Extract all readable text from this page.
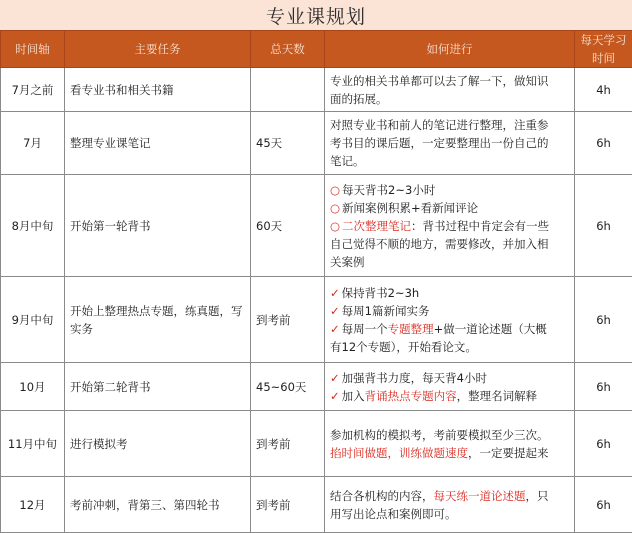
专业课规划
时间轴	主要任务	总天数	如何进行	每天学习时间
7月之前	看专业书和相关书籍		专业的相关书单都可以去了解一下，做知识
面的拓展。	4h
7月	整理专业课笔记	45天	对照专业书和前人的笔记进行整理，注重参
考书目的课后题，一定要整理出一份自己的
笔记。	6h
8月中旬	开始第一轮背书	60天	○ 每天背书2~3小时
○ 新闻案例积累+看新闻评论
○ 二次整理笔记：背书过程中肯定会有一些
自己觉得不顺的地方，需要修改，并加入相
关案例	6h
9月中旬	开始上整理热点专题，练真题，写实务	到考前	✓ 保持背书2~3h
✓ 每周1篇新闻实务
✓ 每周一个专题整理+做一道论述题（大概
有12个专题），开始看论文。	6h
10月	开始第二轮背书	45~60天	✓ 加强背书力度，每天背4小时
✓ 加入背诵热点专题内容，整理名词解释	6h
11月中旬	进行模拟考	到考前	参加机构的模拟考，考前要模拟至少三次。
掐时间做题，训练做题速度，一定要提起来	6h
12月	考前冲刺，背第三、第四轮书	到考前	结合各机构的内容，每天练一道论述题，只
用写出论点和案例即可。	6h
